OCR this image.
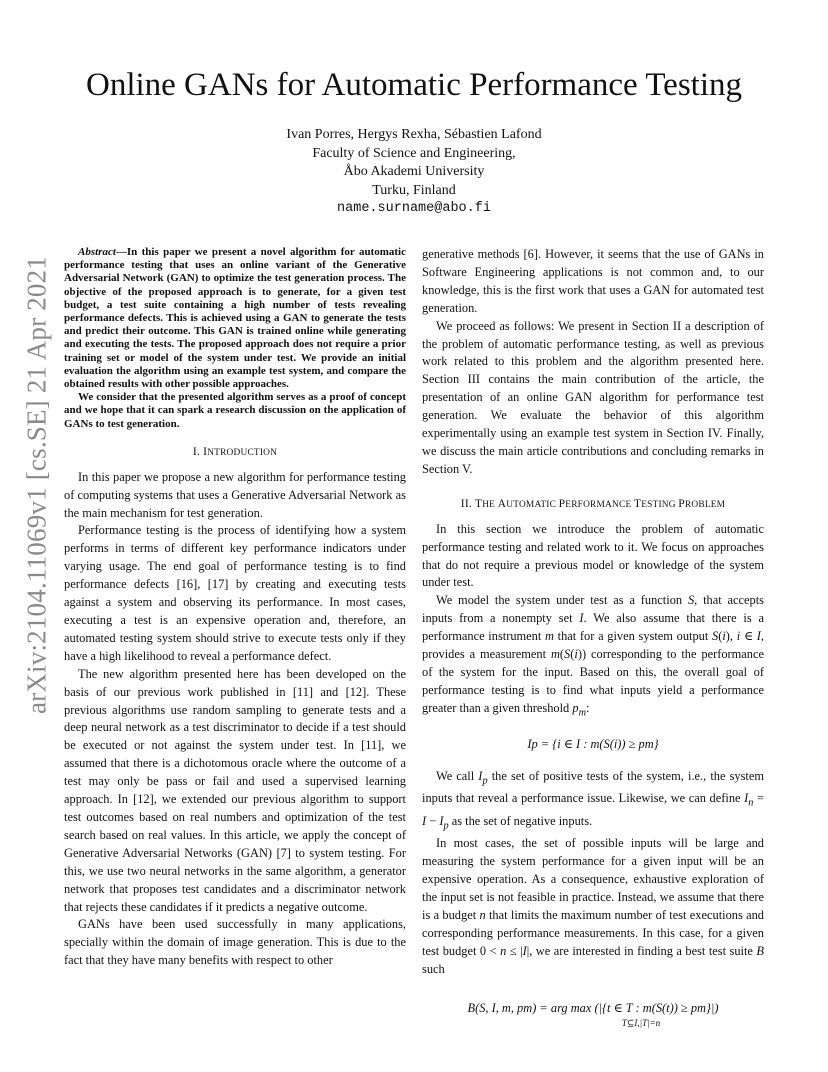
arXiv:2104.11069v1 [cs.SE] 21 Apr 2021
Online GANs for Automatic Performance Testing
Ivan Porres, Hergys Rexha, Sébastien Lafond
Faculty of Science and Engineering,
Åbo Akademi University
Turku, Finland
name.surname@abo.fi

Abstract—In this paper we present a novel algorithm for automatic performance testing that uses an online variant of the Generative Adversarial Network (GAN) to optimize the test generation process. The objective of the proposed approach is to generate, for a given test budget, a test suite containing a high number of tests revealing performance defects. This is achieved using a GAN to generate the tests and predict their outcome. This GAN is trained online while generating and executing the tests. The proposed approach does not require a prior training set or model of the system under test. We provide an initial evaluation the algorithm using an example test system, and compare the obtained results with other possible approaches.

We consider that the presented algorithm serves as a proof of concept and we hope that it can spark a research discussion on the application of GANs to test generation.

I. INTRODUCTION

In this paper we propose a new algorithm for performance testing of computing systems that uses a Generative Adversarial Network as the main mechanism for test generation.

Performance testing is the process of identifying how a system performs in terms of different key performance indicators under varying usage. The end goal of performance testing is to find performance defects [16], [17] by creating and executing tests against a system and observing its performance. In most cases, executing a test is an expensive operation and, therefore, an automated testing system should strive to execute tests only if they have a high likelihood to reveal a performance defect.

The new algorithm presented here has been developed on the basis of our previous work published in [11] and [12]. These previous algorithms use random sampling to generate tests and a deep neural network as a test discriminator to decide if a test should be executed or not against the system under test. In [11], we assumed that there is a dichotomous oracle where the outcome of a test may only be pass or fail and used a supervised learning approach. In [12], we extended our previous algorithm to support test outcomes based on real numbers and optimization of the test search based on real values. In this article, we apply the concept of Generative Adversarial Networks (GAN) [7] to system testing. For this, we use two neural networks in the same algorithm, a generator network that proposes test candidates and a discriminator network that rejects these candidates if it predicts a negative outcome.

GANs have been used successfully in many applications, specially within the domain of image generation. This is due to the fact that they have many benefits with respect to other

generative methods [6]. However, it seems that the use of GANs in Software Engineering applications is not common and, to our knowledge, this is the first work that uses a GAN for automated test generation.

We proceed as follows: We present in Section II a description of the problem of automatic performance testing, as well as previous work related to this problem and the algorithm presented here. Section III contains the main contribution of the article, the presentation of an online GAN algorithm for performance test generation. We evaluate the behavior of this algorithm experimentally using an example test system in Section IV. Finally, we discuss the main article contributions and concluding remarks in Section V.

II. THE AUTOMATIC PERFORMANCE TESTING PROBLEM

In this section we introduce the problem of automatic performance testing and related work to it. We focus on approaches that do not require a previous model or knowledge of the system under test.

We model the system under test as a function S, that accepts inputs from a nonempty set I. We also assume that there is a performance instrument m that for a given system output S(i), i ∈ I, provides a measurement m(S(i)) corresponding to the performance of the system for the input. Based on this, the overall goal of performance testing is to find what inputs yield a performance greater than a given threshold $p_m$:

Ip = {i ∈ I : m(S(i)) ≥ pm}

We call $I_p$ the set of positive tests of the system, i.e., the system inputs that reveal a performance issue. Likewise, we can define $I_n = I - I_p$ as the set of negative inputs.

In most cases, the set of possible inputs will be large and measuring the system performance for a given input will be an expensive operation. As a consequence, exhaustive exploration of the input set is not feasible in practice. Instead, we assume that there is a budget n that limits the maximum number of test executions and corresponding performance measurements. In this case, for a given test budget 0 < n ≤ |I|, we are interested in finding a best test suite B such

B(S, I, m, pm) = arg max (|{t ∈ T : m(S(t)) ≥ pm}|)
T⊆I,|T|=n
